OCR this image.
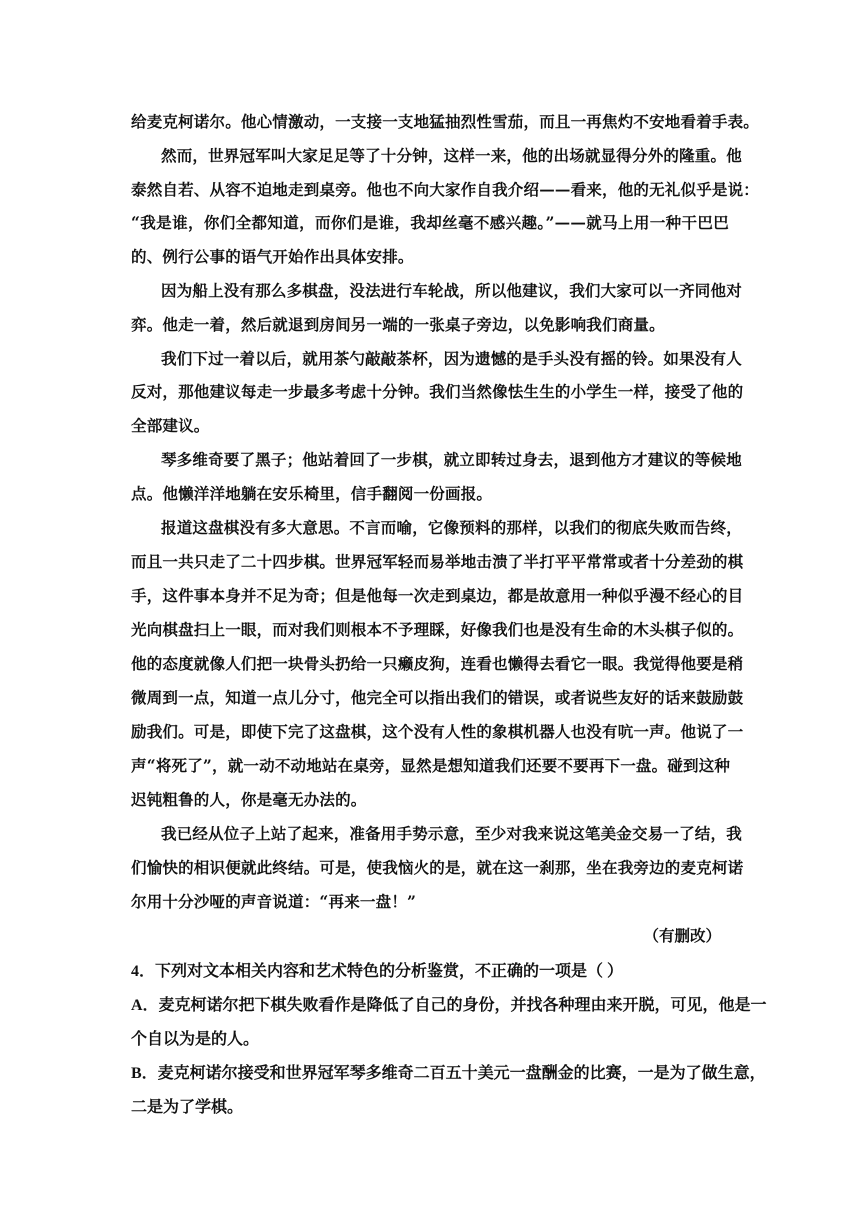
给麦克柯诺尔。他心情激动，一支接一支地猛抽烈性雪茄，而且一再焦灼不安地看着手表。
然而，世界冠军叫大家足足等了十分钟，这样一来，他的出场就显得分外的隆重。他
泰然自若、从容不迫地走到桌旁。他也不向大家作自我介绍——看来，他的无礼似乎是说：
“我是谁，你们全都知道，而你们是谁，我却丝毫不感兴趣。”——就马上用一种干巴巴
的、例行公事的语气开始作出具体安排。
因为船上没有那么多棋盘，没法进行车轮战，所以他建议，我们大家可以一齐同他对
弈。他走一着，然后就退到房间另一端的一张桌子旁边，以免影响我们商量。
我们下过一着以后，就用茶勺敲敲茶杯，因为遗憾的是手头没有摇的铃。如果没有人
反对，那他建议每走一步最多考虑十分钟。我们当然像怯生生的小学生一样，接受了他的
全部建议。
琴多维奇要了黑子；他站着回了一步棋，就立即转过身去，退到他方才建议的等候地
点。他懒洋洋地躺在安乐椅里，信手翻阅一份画报。
报道这盘棋没有多大意思。不言而喻，它像预料的那样，以我们的彻底失败而告终，
而且一共只走了二十四步棋。世界冠军轻而易举地击溃了半打平平常常或者十分差劲的棋
手，这件事本身并不足为奇；但是他每一次走到桌边，都是故意用一种似乎漫不经心的目
光向棋盘扫上一眼，而对我们则根本不予理睬，好像我们也是没有生命的木头棋子似的。
他的态度就像人们把一块骨头扔给一只癞皮狗，连看也懒得去看它一眼。我觉得他要是稍
微周到一点，知道一点儿分寸，他完全可以指出我们的错误，或者说些友好的话来鼓励鼓
励我们。可是，即使下完了这盘棋，这个没有人性的象棋机器人也没有吭一声。他说了一
声“将死了”，就一动不动地站在桌旁，显然是想知道我们还要不要再下一盘。碰到这种
迟钝粗鲁的人，你是毫无办法的。
我已经从位子上站了起来，准备用手势示意，至少对我来说这笔美金交易一了结，我
们愉快的相识便就此终结。可是，使我恼火的是，就在这一刹那，坐在我旁边的麦克柯诺
尔用十分沙哑的声音说道：“再来一盘！”
（有删改）
4．下列对文本相关内容和艺术特色的分析鉴赏，不正确的一项是（ ）
A．麦克柯诺尔把下棋失败看作是降低了自己的身份，并找各种理由来开脱，可见，他是一
个自以为是的人。
B．麦克柯诺尔接受和世界冠军琴多维奇二百五十美元一盘酬金的比赛，一是为了做生意，
二是为了学棋。
